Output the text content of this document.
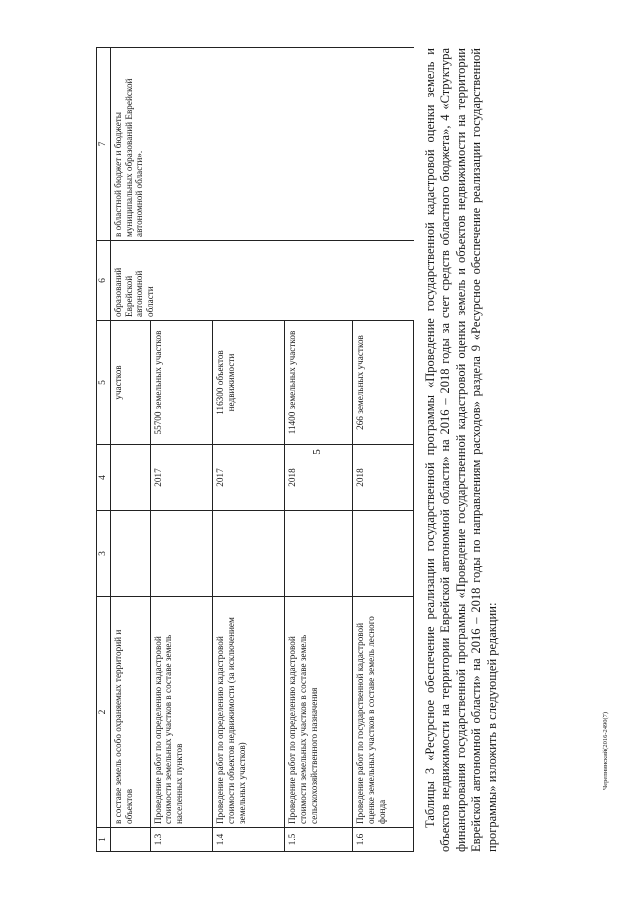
5
Черепнинский(2016-2490(7)
1	2	3	4	5	6	7
	в составе земель особо охраняемых территорий и объектов			участков	образований Еврейской автономной области	в областной бюджет и бюджеты муниципальных образований Еврейской автономной области».
1.3	Проведение работ по определению кадастровой стоимости земельных участков в составе земель населенных пунктов		2017	55700 земельных участков		
1.4	Проведение работ по определению кадастровой стоимости объектов недвижимости (за исключением земельных участков)		2017	116300 объектов недвижимости		
1.5	Проведение работ по определению кадастровой стоимости земельных участков в составе земель сельскохозяйственного назначения		2018	11400 земельных участков		
1.6	Проведение работ по государственной кадастровой оценке земельных участков в составе земель лесного фонда		2018	266 земельных участков			Таблицы 3 «Ресурсное обеспечение реализации государственной программы «Проведение государственной кадастровой оценки земель и объектов недвижимости на территории Еврейской автономной области» на 2016 – 2018 годы за счет средств областного бюджета», 4 «Структура финансирования государственной программы «Проведение государственной кадастровой оценки земель и объектов недвижимости на территории Еврейской автономной области» на 2016 – 2018 годы по направлениям расходов» раздела 9 «Ресурсное обеспечение реализации государственной программы» изложить в следующей редакции:
